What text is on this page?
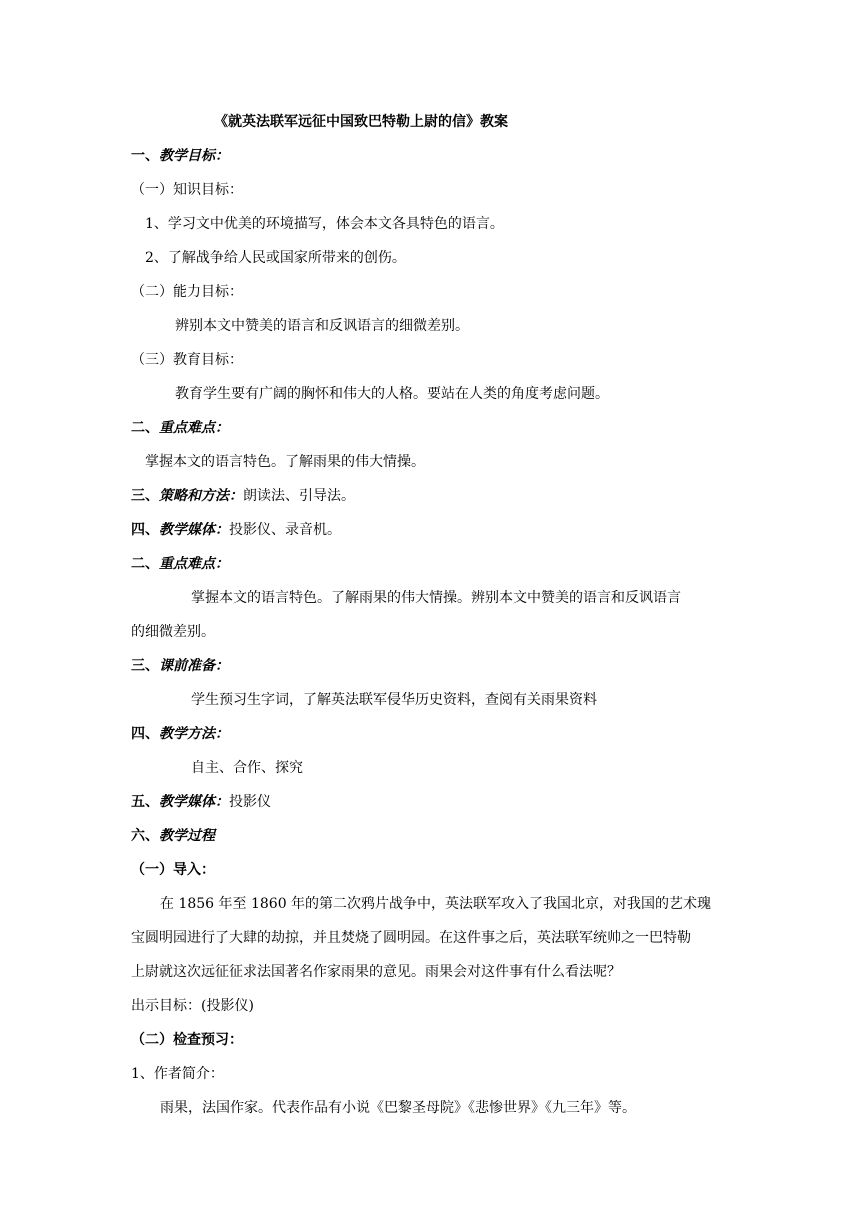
《就英法联军远征中国致巴特勒上尉的信》教案
一、教学目标：
（一）知识目标：
1、学习文中优美的环境描写，体会本文各具特色的语言。
2、了解战争给人民或国家所带来的创伤。
（二）能力目标：
辨别本文中赞美的语言和反讽语言的细微差别。
（三）教育目标：
教育学生要有广阔的胸怀和伟大的人格。要站在人类的角度考虑问题。
二、重点难点：
掌握本文的语言特色。了解雨果的伟大情操。
三、策略和方法：朗读法、引导法。
四、教学媒体：投影仪、录音机。
二、重点难点：
掌握本文的语言特色。了解雨果的伟大情操。辨别本文中赞美的语言和反讽语言
的细微差别。
三、课前准备：
学生预习生字词，了解英法联军侵华历史资料，查阅有关雨果资料
四、教学方法：
自主、合作、探究
五、教学媒体：投影仪
六、教学过程
（一）导入：
在 1856 年至 1860 年的第二次鸦片战争中，英法联军攻入了我国北京，对我国的艺术瑰
宝圆明园进行了大肆的劫掠，并且焚烧了圆明园。在这件事之后，英法联军统帅之一巴特勒
上尉就这次远征征求法国著名作家雨果的意见。雨果会对这件事有什么看法呢？
出示目标：(投影仪)
（二）检查预习：
1、作者简介：
雨果，法国作家。代表作品有小说《巴黎圣母院》《悲惨世界》《九三年》等。
